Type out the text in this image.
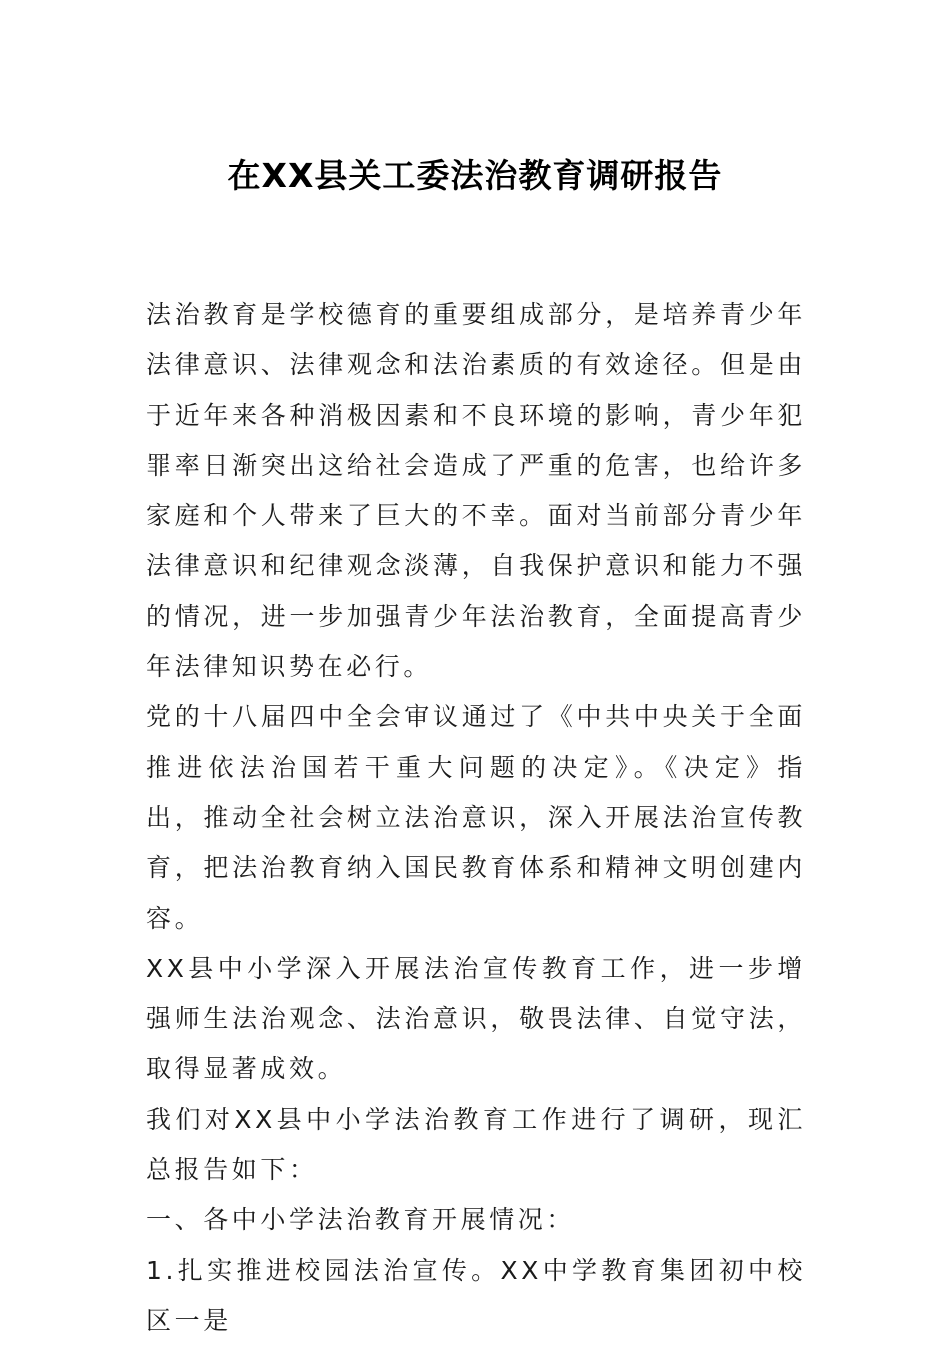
在XX县关工委法治教育调研报告

法治教育是学校德育的重要组成部分，是培养青少年法律意识、法律观念和法治素质的有效途径。但是由于近年来各种消极因素和不良环境的影响，青少年犯罪率日渐突出这给社会造成了严重的危害，也给许多家庭和个人带来了巨大的不幸。面对当前部分青少年法律意识和纪律观念淡薄，自我保护意识和能力不强的情况，进一步加强青少年法治教育，全面提高青少年法律知识势在必行。

党的十八届四中全会审议通过了《中共中央关于全面推进依法治国若干重大问题的决定》。《决定》指出，推动全社会树立法治意识，深入开展法治宣传教育，把法治教育纳入国民教育体系和精神文明创建内容。

XX县中小学深入开展法治宣传教育工作，进一步增强师生法治观念、法治意识，敬畏法律、自觉守法，取得显著成效。

我们对XX县中小学法治教育工作进行了调研，现汇总报告如下：

一、各中小学法治教育开展情况：

1.扎实推进校园法治宣传。XX中学教育集团初中校区一是
